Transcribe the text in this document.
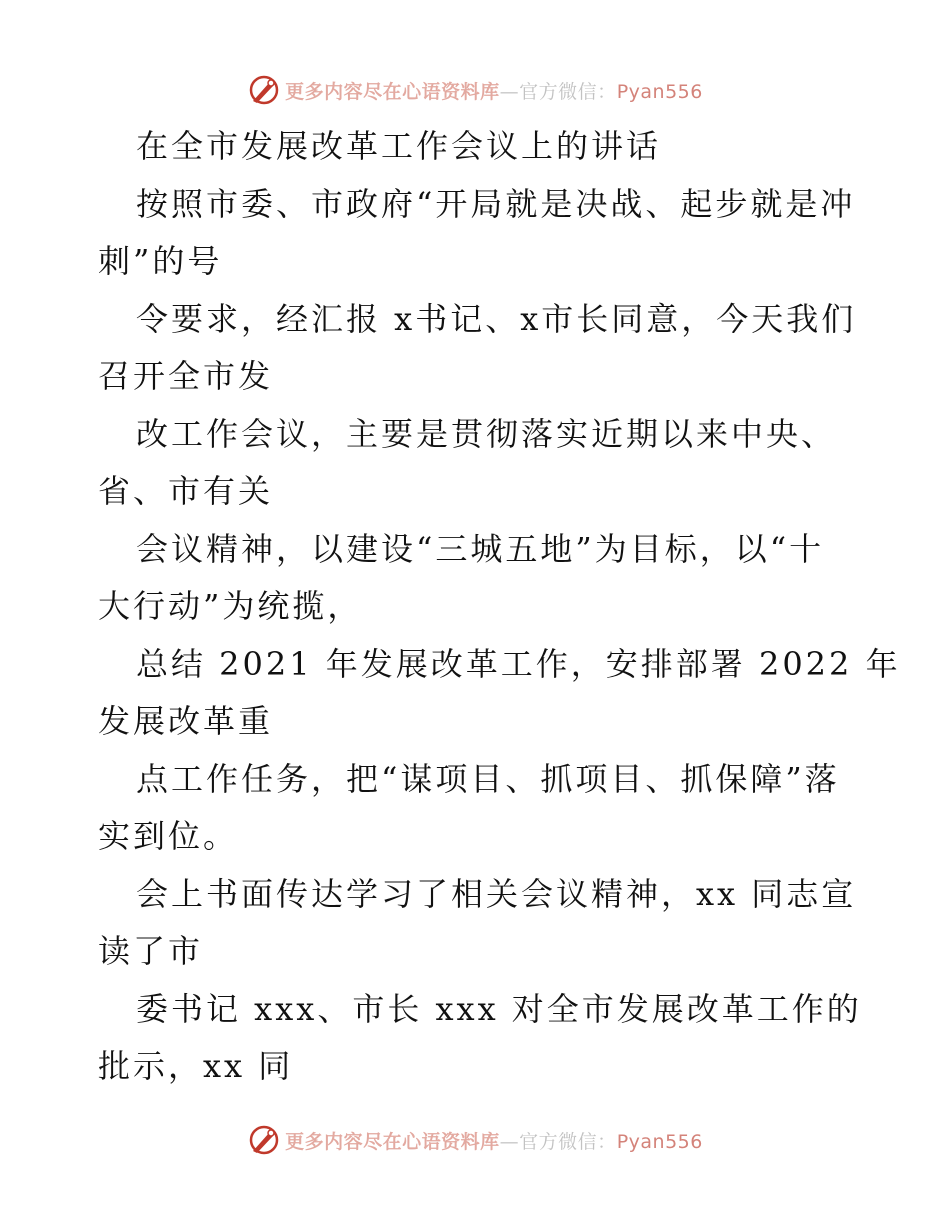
更多内容尽在心语资料库—官方微信：Pyan556
在全市发展改革工作会议上的讲话
按照市委、市政府“开局就是决战、起步就是冲
刺”的号
令要求，经汇报 x书记、x市长同意，今天我们
召开全市发
改工作会议，主要是贯彻落实近期以来中央、
省、市有关
会议精神，以建设“三城五地”为目标，以“十
大行动”为统揽，
总结 2021 年发展改革工作，安排部署 2022 年
发展改革重
点工作任务，把“谋项目、抓项目、抓保障”落
实到位。
会上书面传达学习了相关会议精神，xx 同志宣
读了市
委书记 xxx、市长 xxx 对全市发展改革工作的
批示，xx 同
更多内容尽在心语资料库—官方微信：Pyan556
